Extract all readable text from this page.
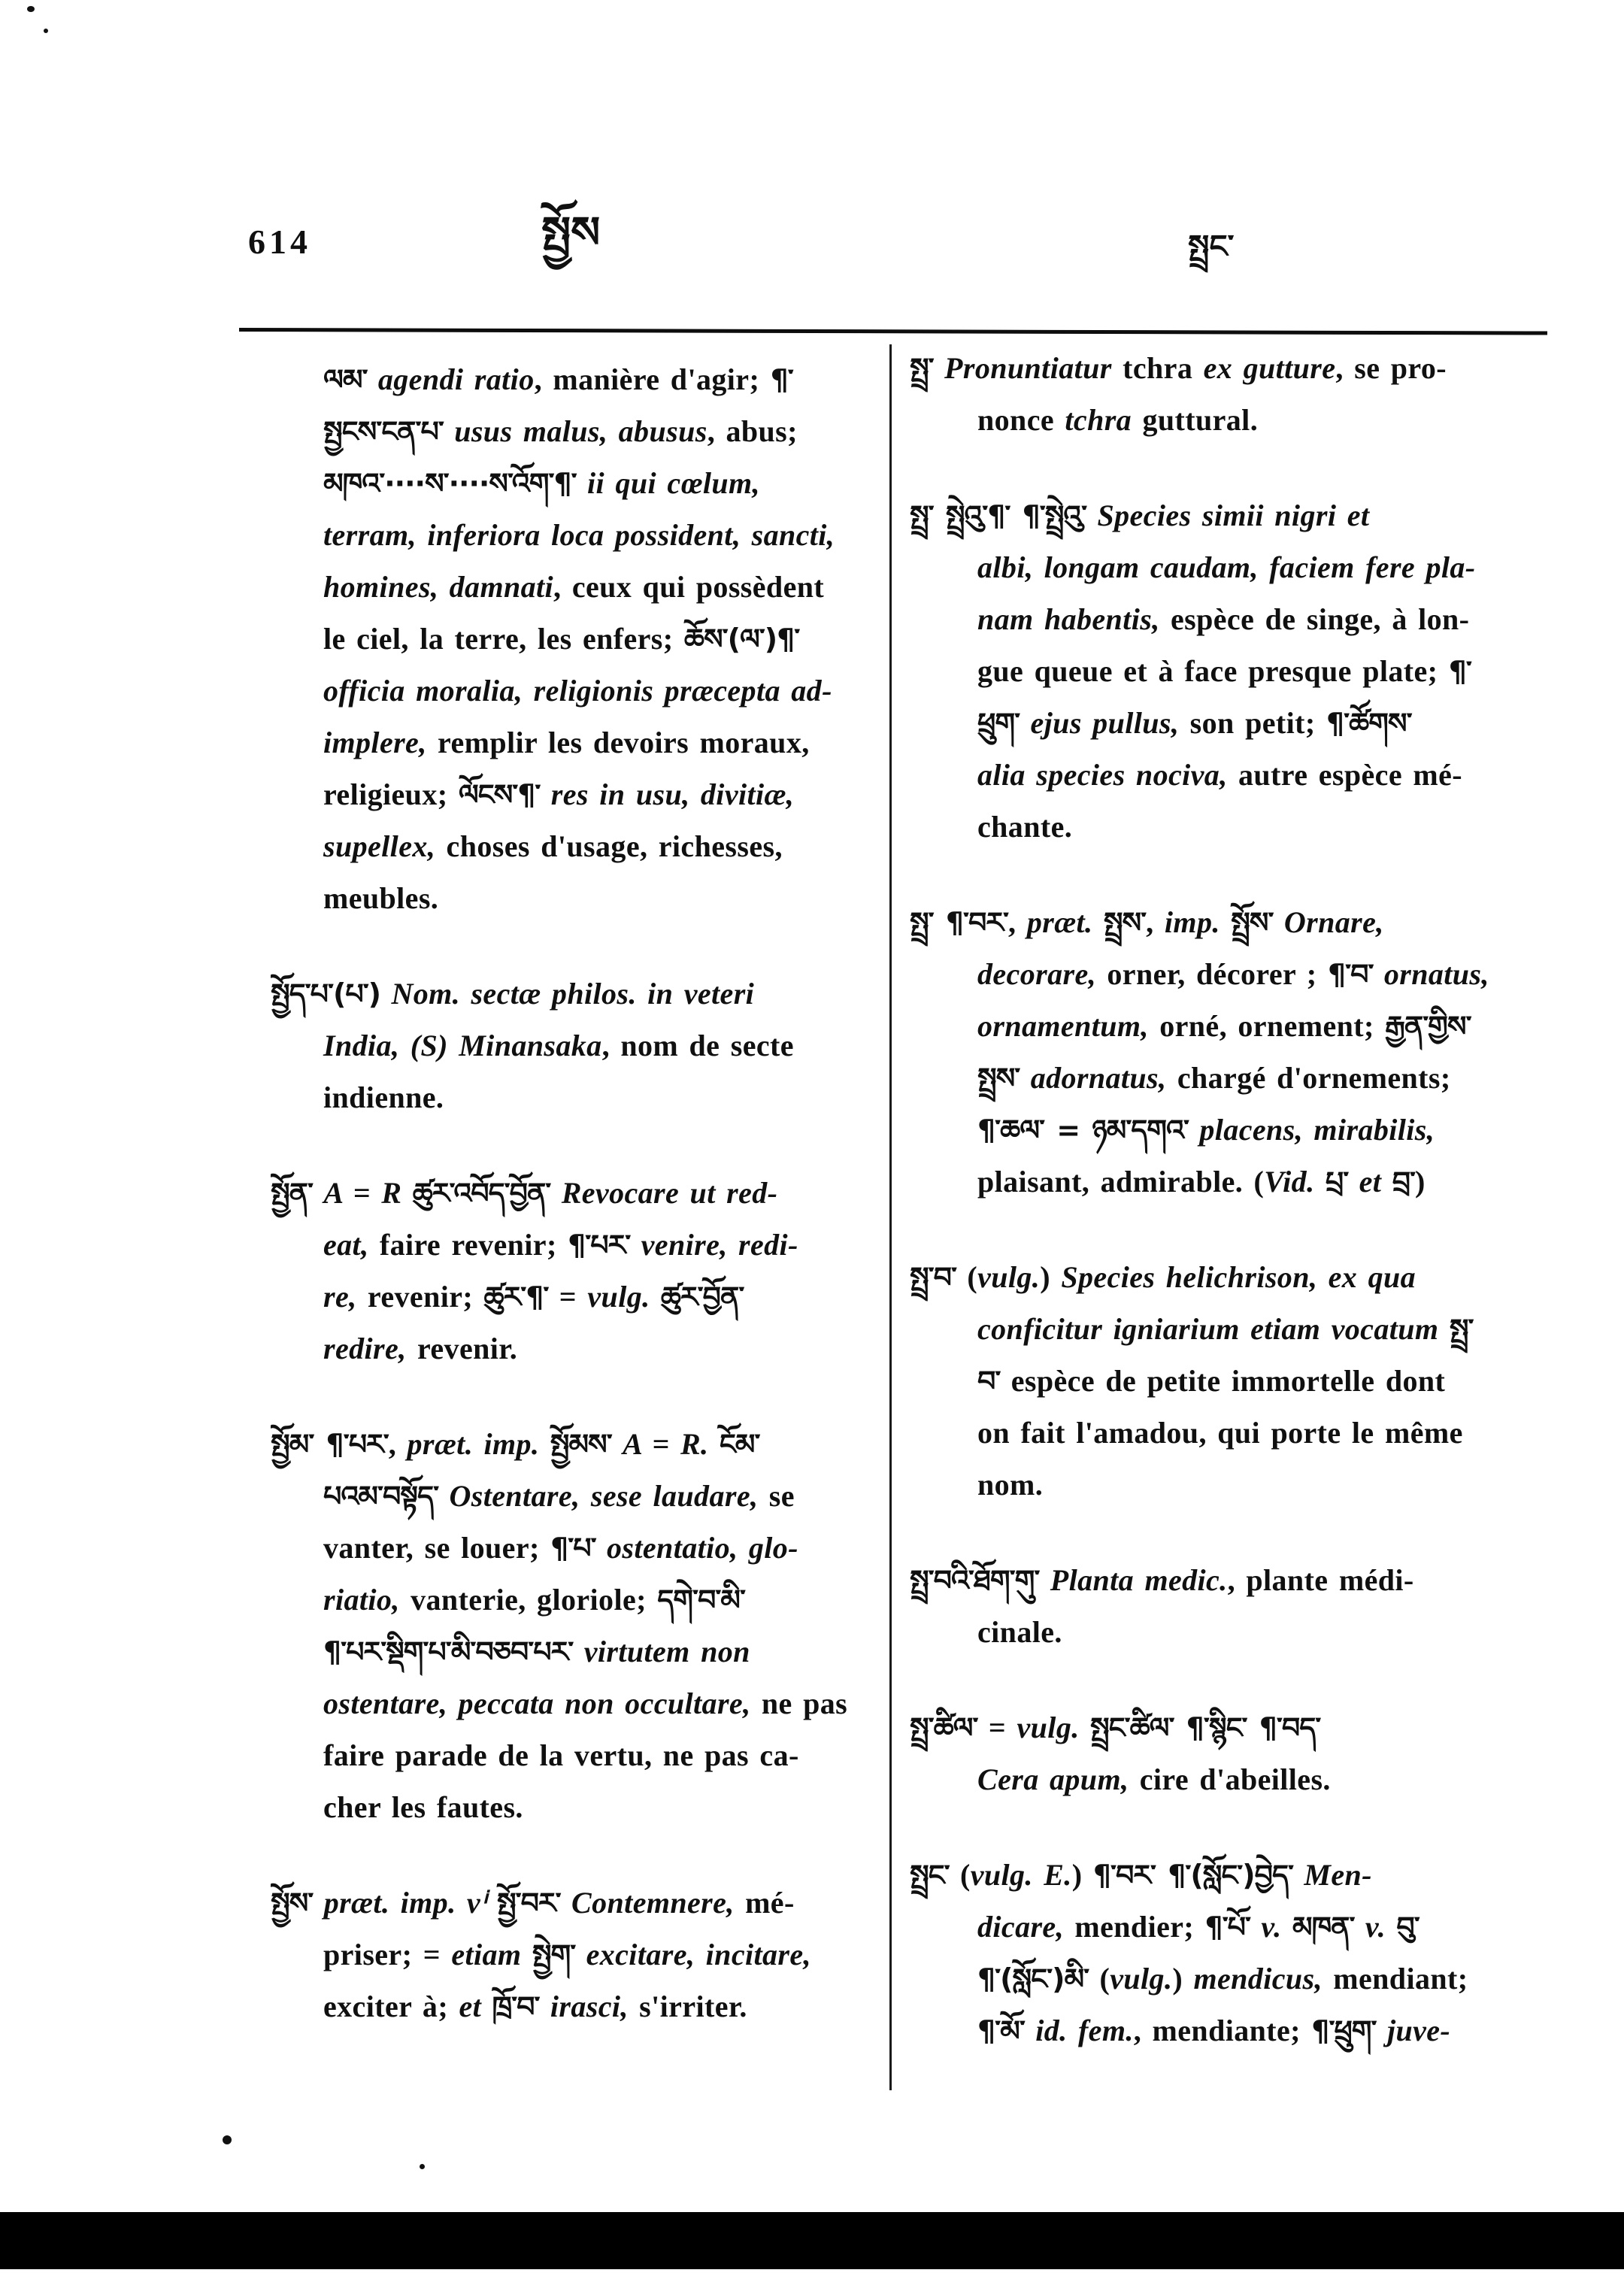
614	སྤྱོས	སྤྲང་
ལམ་ agendi ratio, manière d'agir; ¶་
སྤྱངས་ངན་པ་ usus malus, abusus, abus;
མཁའ་····ས་····ས་འོག་¶་ ii qui cœlum,
terram, inferiora loca possident, sancti,
homines, damnati, ceux qui possèdent
le ciel, la terre, les enfers; ཆོས་(ལ་)¶་
officia moralia, religionis præcepta ad-
implere, remplir les devoirs moraux,
religieux; ལོངས་¶་ res in usu, divitiæ,
supellex, choses d'usage, richesses,
meubles.
སྤྱོད་པ་(པ་) Nom. sectæ philos. in veteri
India, (S) Minansaka, nom de secte
indienne.
སྤྱོན་ A = R ཚུར་འབོད་བྱོན་ Revocare ut red-
eat, faire revenir; ¶་པར་ venire, redi-
re, revenir; ཚུར་¶་ = vulg. ཚུར་བྱོན་
redire, revenir.
སྤྱོམ་ ¶་པར་, præt. imp. སྤྱོམས་ A = R. ངོམ་
པའམ་བསྟོད་ Ostentare, sese laudare, se
vanter, se louer; ¶་པ་ ostentatio, glo-
riatio, vanterie, gloriole; དགེ་བ་མི་
¶་པར་སྡིག་པ་མི་བཅབ་པར་ virtutem non
ostentare, peccata non occultare, ne pas
faire parade de la vertu, ne pas ca-
cher les fautes.
སྤྱོས་ præt. imp. vⁱ སྤྱོ་བར་ Contemnere, mé-
priser; = etiam སྤྱེག་ excitare, incitare,
exciter à; et ཁྲོ་བ་ irasci, s'irriter.
སྤྲ་ Pronuntiatur tchra ex gutture, se pro-
nonce tchra guttural.
སྤྲ་ སྤྲེའུ་¶་ ¶་སྤྲེའུ་ Species simii nigri et
albi, longam caudam, faciem fere pla-
nam habentis, espèce de singe, à lon-
gue queue et à face presque plate; ¶་
ཕྲུག་ ejus pullus, son petit; ¶་ཚོགས་
alia species nociva, autre espèce mé-
chante.
སྤྲ་ ¶་བར་, præt. སྤྲས་, imp. སྤྲོས་ Ornare,
decorare, orner, décorer ; ¶་བ་ ornatus,
ornamentum, orné, ornement; རྒྱན་གྱིས་
སྤྲས་ adornatus, chargé d'ornements;
¶་ཆལ་ = ཉམ་དགའ་ placens, mirabilis,
plaisant, admirable. (Vid. པྲ་ et བྲ་)
སྤྲ་བ་ (vulg.) Species helichrison, ex qua
conficitur igniarium etiam vocatum སྤྲ་
བ་ espèce de petite immortelle dont
on fait l'amadou, qui porte le même
nom.
སྤྲ་བའི་ཐོག་གུ་ Planta medic., plante médi-
cinale.
སྤྲ་ཚིལ་ = vulg. སྤྲང་ཚིལ་ ¶་སྙིང་ ¶་བད་
Cera apum, cire d'abeilles.
སྤྲང་ (vulg. E.) ¶་བར་ ¶་(སློང་)བྱེད་ Men-
dicare, mendier; ¶་པོ་ v. མཁན་ v. བུ་
¶་(སློང་)མི་ (vulg.) mendicus, mendiant;
¶་མོ་ id. fem., mendiante; ¶་ཕྲུག་ juve-
